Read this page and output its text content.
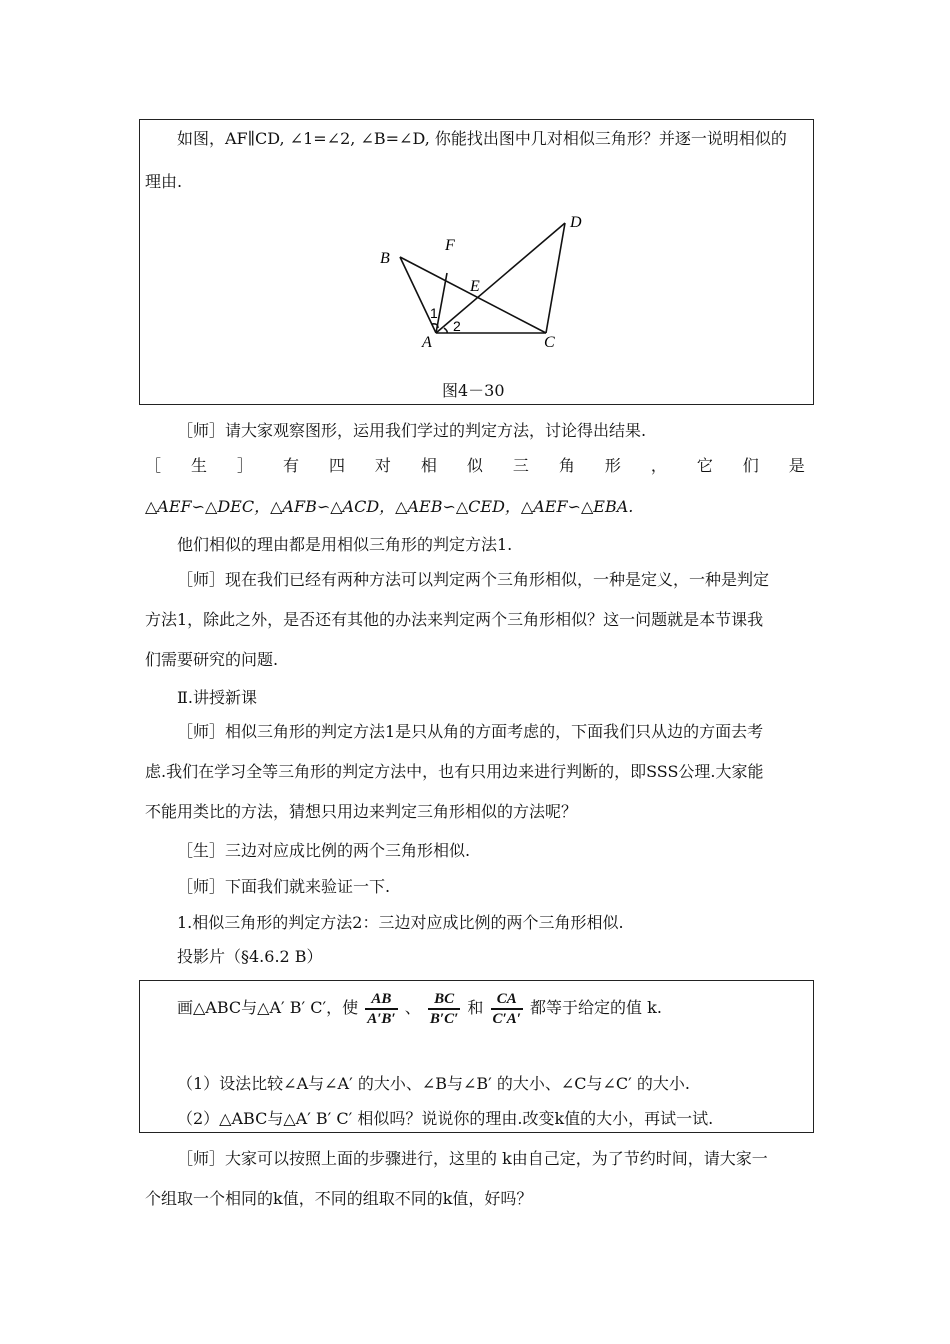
如图，AF∥CD, ∠1=∠2, ∠B=∠D, 你能找出图中几对相似三角形？并逐一说明相似的
理由.
B
D
F
E
A	C
1
2
图4－30
［师］请大家观察图形，运用我们学过的判定方法，讨论得出结果.
［ 生 ］ 有 四 对 相 似 三 角 形 ， 它 们 是
△AEF∽△DEC，△AFB∽△ACD，△AEB∽△CED，△AEF∽△EBA.
他们相似的理由都是用相似三角形的判定方法1.
［师］现在我们已经有两种方法可以判定两个三角形相似，一种是定义，一种是判定
方法1，除此之外，是否还有其他的办法来判定两个三角形相似？这一问题就是本节课我
们需要研究的问题.
Ⅱ.讲授新课
［师］相似三角形的判定方法1是只从角的方面考虑的，下面我们只从边的方面去考
虑.我们在学习全等三角形的判定方法中，也有只用边来进行判断的，即SSS公理.大家能
不能用类比的方法，猜想只用边来判定三角形相似的方法呢？
［生］三边对应成比例的两个三角形相似.
［师］下面我们就来验证一下.
1.相似三角形的判定方法2：三边对应成比例的两个三角形相似.
投影片（§4.6.2 B）
画△ABC与△A′ B′ C′，使 $\frac{AB}{A'B'}$ 、 $\frac{BC}{B'C'}$ 和 $\frac{CA}{C'A'}$ 都等于给定的值 k.
（1）设法比较∠A与∠A′ 的大小、∠B与∠B′ 的大小、∠C与∠C′ 的大小.
（2）△ABC与△A′ B′ C′ 相似吗？说说你的理由.改变k值的大小，再试一试.
［师］大家可以按照上面的步骤进行，这里的 k由自己定，为了节约时间，请大家一
个组取一个相同的k值，不同的组取不同的k值，好吗？
